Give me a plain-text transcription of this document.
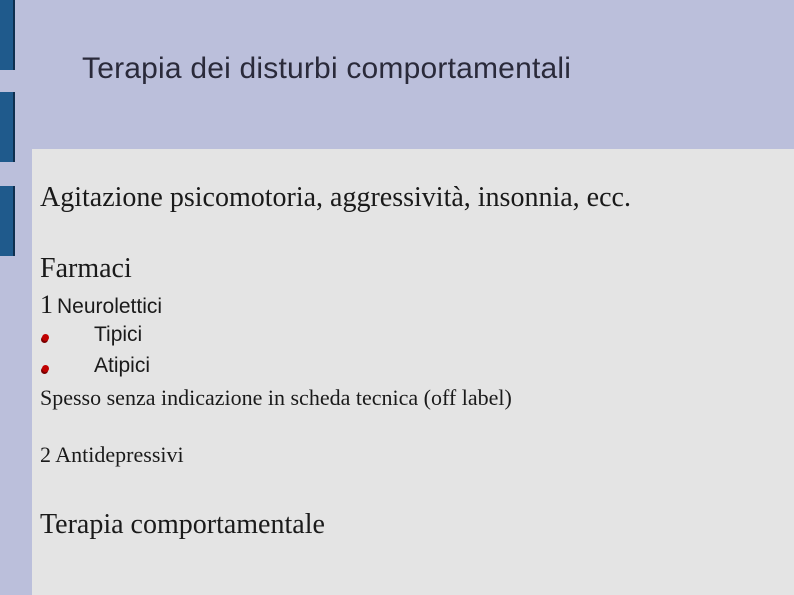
Terapia dei disturbi comportamentali
Agitazione psicomotoria, aggressività, insonnia, ecc.
Farmaci
1 Neurolettici
Tipici
Atipici
Spesso senza indicazione in scheda tecnica (off label)
2 Antidepressivi
Terapia comportamentale
